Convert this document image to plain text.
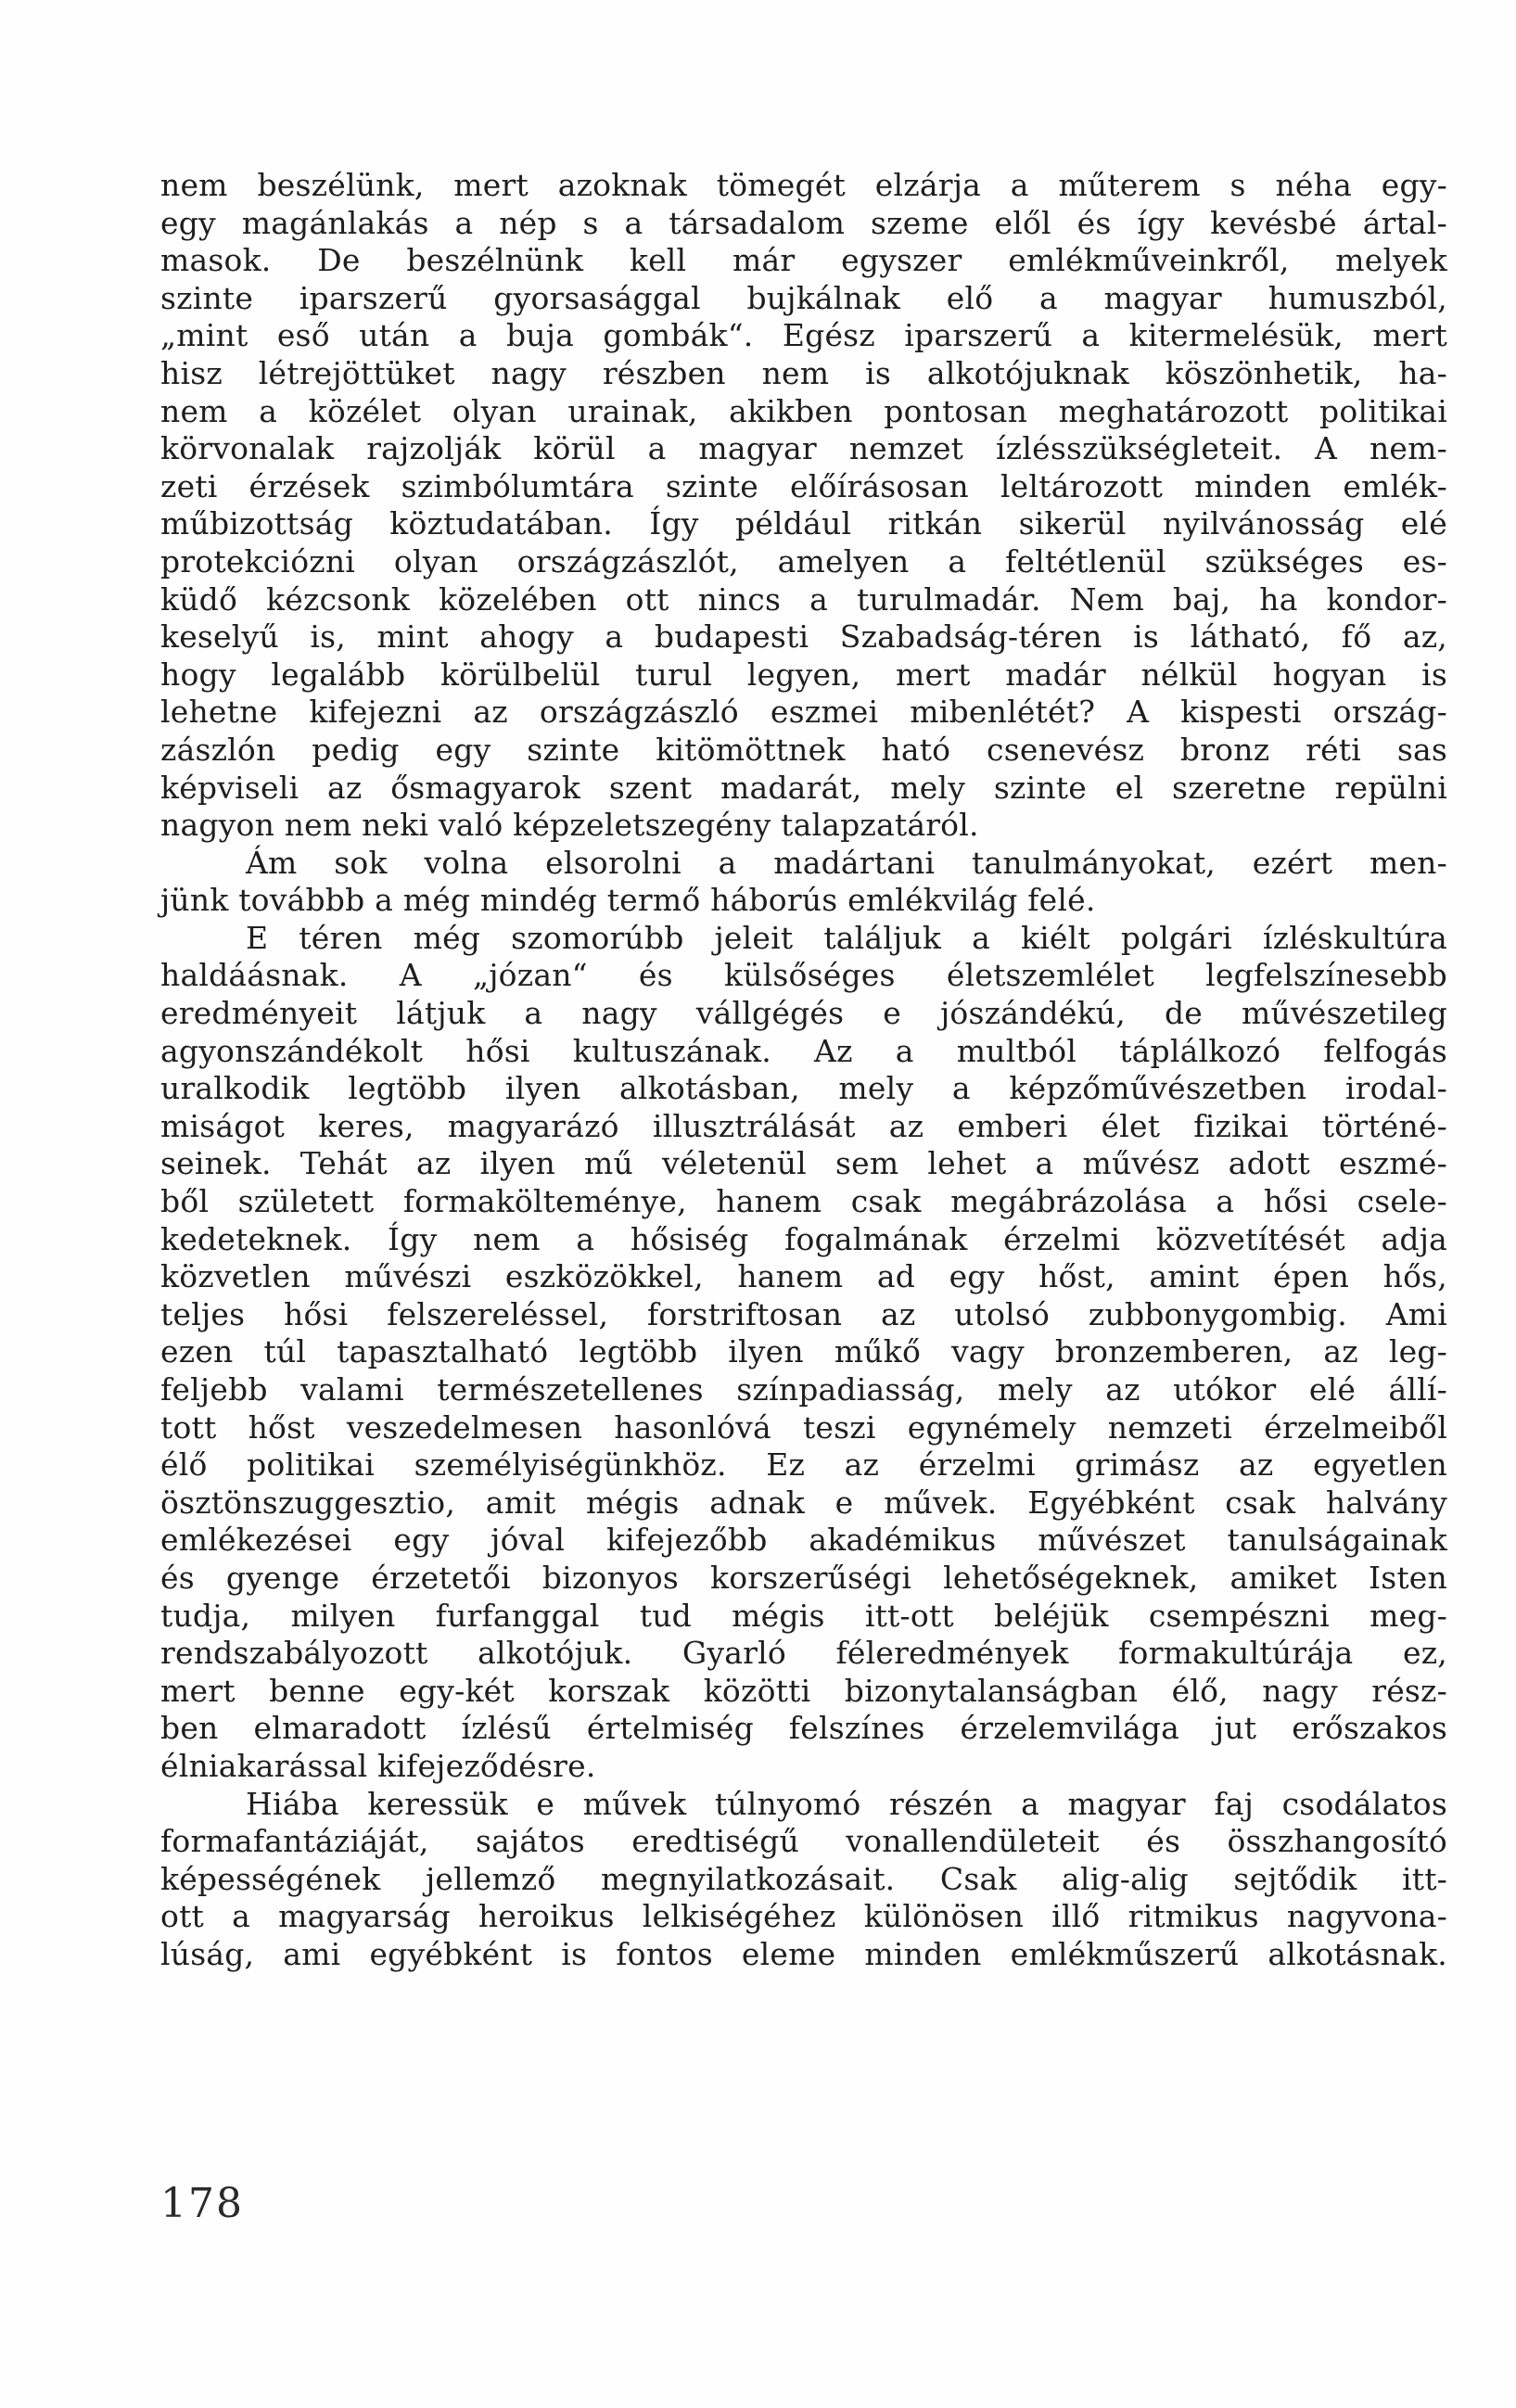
nem beszélünk, mert azoknak tömegét elzárja a műterem s néha egy-
egy magánlakás a nép s a társadalom szeme elől és így kevésbé ártal-
masok. De beszélnünk kell már egyszer emlékműveinkről, melyek
szinte iparszerű gyorsasággal bujkálnak elő a magyar humuszból,
„mint eső után a buja gombák“. Egész iparszerű a kitermelésük, mert
hisz létrejöttüket nagy részben nem is alkotójuknak köszönhetik, ha-
nem a közélet olyan urainak, akikben pontosan meghatározott politikai
körvonalak rajzolják körül a magyar nemzet ízlésszükségleteit. A nem-
zeti érzések szimbólumtára szinte előírásosan leltározott minden emlék-
műbizottság köztudatában. Így például ritkán sikerül nyilvánosság elé
protekciózni olyan országzászlót, amelyen a feltétlenül szükséges es-
küdő kézcsonk közelében ott nincs a turulmadár. Nem baj, ha kondor-
keselyű is, mint ahogy a budapesti Szabadság-téren is látható, fő az,
hogy legalább körülbelül turul legyen, mert madár nélkül hogyan is
lehetne kifejezni az országzászló eszmei mibenlétét? A kispesti ország-
zászlón pedig egy szinte kitömöttnek ható csenevész bronz réti sas
képviseli az ősmagyarok szent madarát, mely szinte el szeretne repülni
nagyon nem neki való képzeletszegény talapzatáról.
Ám sok volna elsorolni a madártani tanulmányokat, ezért men-
jünk továbbb a még mindég termő háborús emlékvilág felé.
E téren még szomorúbb jeleit találjuk a kiélt polgári ízléskultúra
haldáásnak. A „józan“ és külsőséges életszemlélet legfelszínesebb
eredményeit látjuk a nagy vállgégés e jószándékú, de művészetileg
agyonszándékolt hősi kultuszának. Az a multból táplálkozó felfogás
uralkodik legtöbb ilyen alkotásban, mely a képzőművészetben irodal-
miságot keres, magyarázó illusztrálását az emberi élet fizikai történé-
seinek. Tehát az ilyen mű véletenül sem lehet a művész adott eszmé-
ből született formakölteménye, hanem csak megábrázolása a hősi csele-
kedeteknek. Így nem a hősiség fogalmának érzelmi közvetítését adja
közvetlen művészi eszközökkel, hanem ad egy hőst, amint épen hős,
teljes hősi felszereléssel, forstriftosan az utolsó zubbonygombig. Ami
ezen túl tapasztalható legtöbb ilyen műkő vagy bronzemberen, az leg-
feljebb valami természetellenes színpadiasság, mely az utókor elé állí-
tott hőst veszedelmesen hasonlóvá teszi egynémely nemzeti érzelmeiből
élő politikai személyiségünkhöz. Ez az érzelmi grimász az egyetlen
ösztönszuggesztio, amit mégis adnak e művek. Egyébként csak halvány
emlékezései egy jóval kifejezőbb akadémikus művészet tanulságainak
és gyenge érzetetői bizonyos korszerűségi lehetőségeknek, amiket Isten
tudja, milyen furfanggal tud mégis itt-ott beléjük csempészni meg-
rendszabályozott alkotójuk. Gyarló féleredmények formakultúrája ez,
mert benne egy-két korszak közötti bizonytalanságban élő, nagy rész-
ben elmaradott ízlésű értelmiség felszínes érzelemvilága jut erőszakos
élniakarással kifejeződésre.
Hiába keressük e művek túlnyomó részén a magyar faj csodálatos
formafantáziáját, sajátos eredtiségű vonallendületeit és összhangosító
képességének jellemző megnyilatkozásait. Csak alig-alig sejtődik itt-
ott a magyarság heroikus lelkiségéhez különösen illő ritmikus nagyvona-
lúság, ami egyébként is fontos eleme minden emlékműszerű alkotásnak.
178
